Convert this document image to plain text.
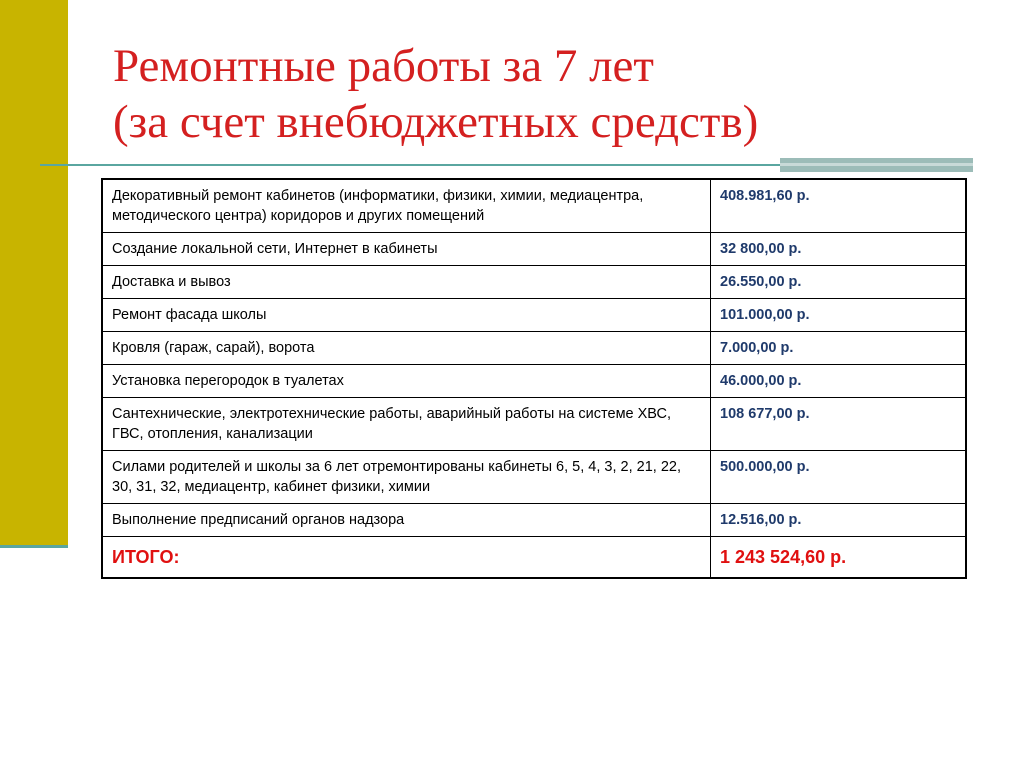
Ремонтные работы за 7 лет
(за счет внебюджетных средств)
Декоративный ремонт кабинетов (информатики, физики, химии, медиацентра, методического центра) коридоров и других помещений	408.981,60 р.
Создание локальной сети, Интернет в кабинеты	32 800,00 р.
Доставка и вывоз	26.550,00 р.
Ремонт фасада школы	101.000,00 р.
Кровля (гараж, сарай), ворота	7.000,00 р.
Установка перегородок в туалетах	46.000,00 р.
Сантехнические, электротехнические работы, аварийный работы на системе ХВС, ГВС, отопления, канализации	108 677,00 р.
Силами родителей и школы за 6 лет отремонтированы кабинеты 6, 5, 4, 3, 2, 21, 22, 30, 31, 32, медиацентр, кабинет физики, химии	500.000,00 р.
Выполнение предписаний органов надзора	12.516,00 р.
ИТОГО:	1 243 524,60 р.
